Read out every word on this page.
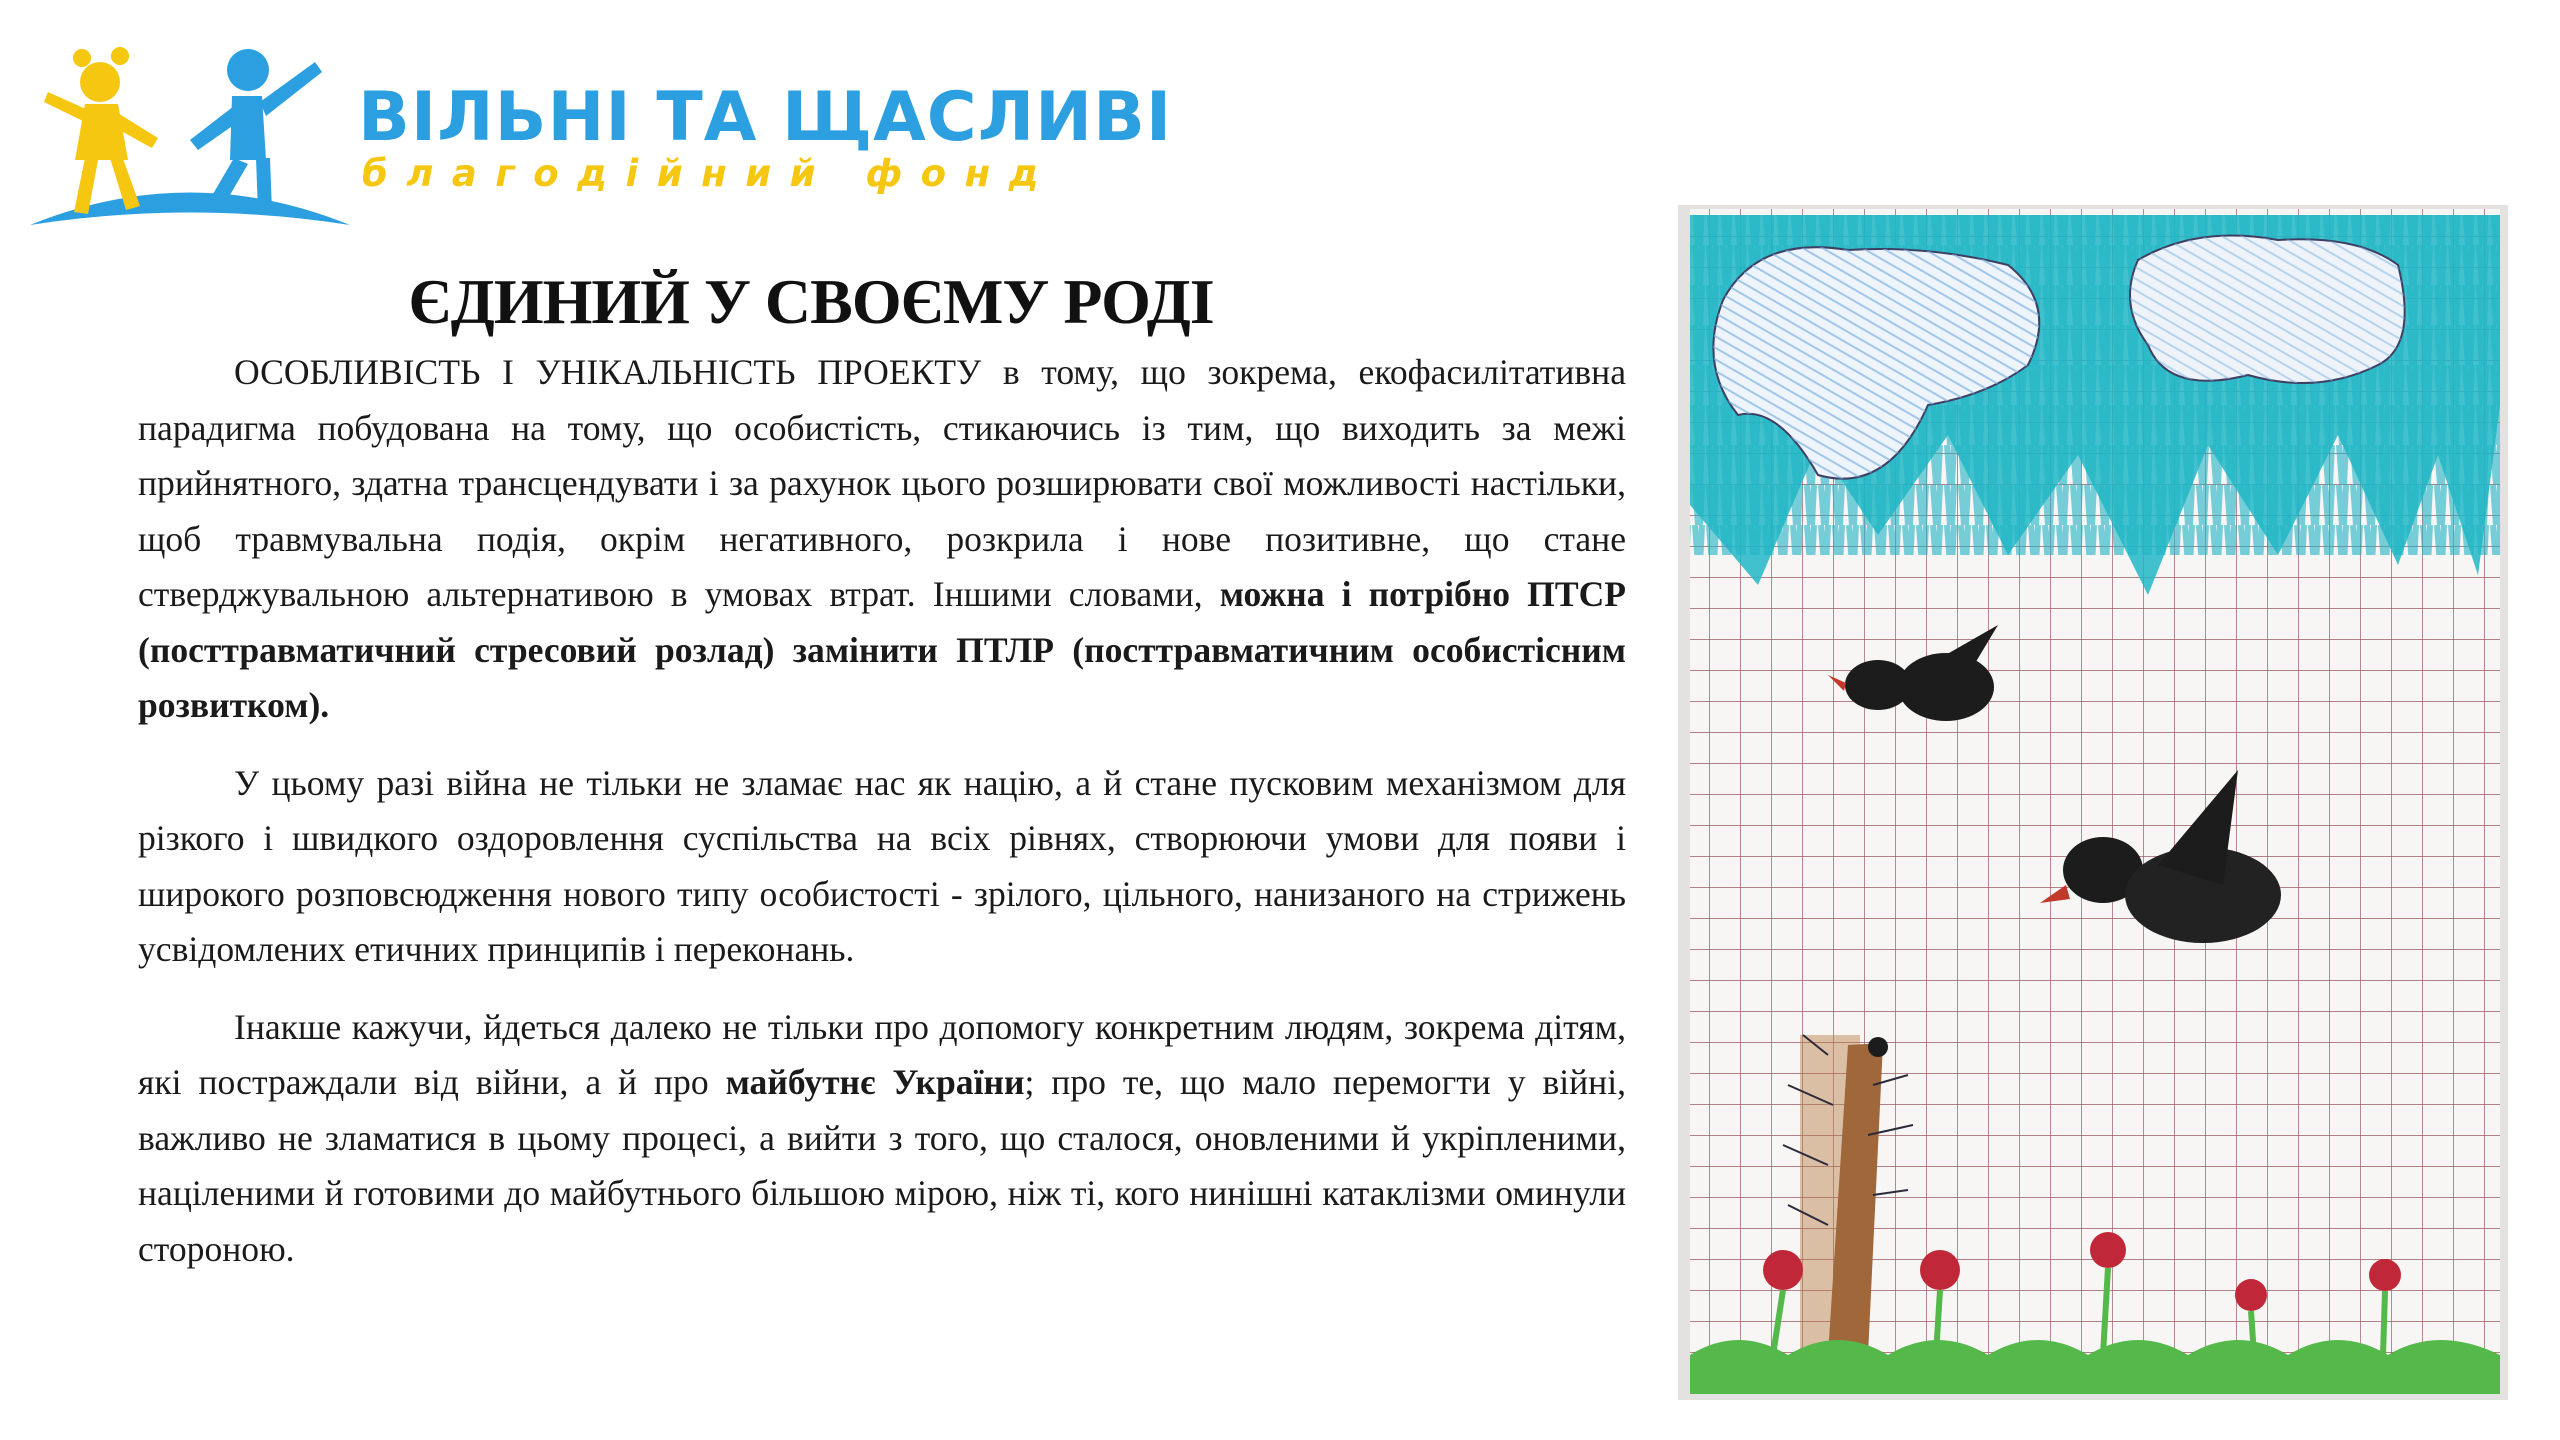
ВІЛЬНІ ТА ЩАСЛИВІ
благодійний фонд
ЄДИНИЙ У СВОЄМУ РОДІ

ОСОБЛИВІСТЬ І УНІКАЛЬНІСТЬ ПРОЕКТУ в тому, що зокрема, екофасилітативна парадигма побудована на тому, що особистість, стикаючись із тим, що виходить за межі прийнятного, здатна трансцендувати і за рахунок цього розширювати свої можливості настільки, щоб травмувальна подія, окрім негативного, розкрила і нове позитивне, що стане стверджувальною альтернативою в умовах втрат. Іншими словами, можна і потрібно ПТСР (посттравматичний стресовий розлад) замінити ПТЛР (посттравматичним особистісним розвитком).

У цьому разі війна не тільки не зламає нас як націю, а й стане пусковим механізмом для різкого і швидкого оздоровлення суспільства на всіх рівнях, створюючи умови для появи і широкого розповсюдження нового типу особистості - зрілого, цільного, нанизаного на стрижень усвідомлених етичних принципів і переконань.

Інакше кажучи, йдеться далеко не тільки про допомогу конкретним людям, зокрема дітям, які постраждали від війни, а й про майбутнє України; про те, що мало перемогти у війні, важливо не зламатися в цьому процесі, а вийти з того, що сталося, оновленими й укріпленими, націленими й готовими до майбутнього більшою мірою, ніж ті, кого нинішні катаклізми оминули стороною.
